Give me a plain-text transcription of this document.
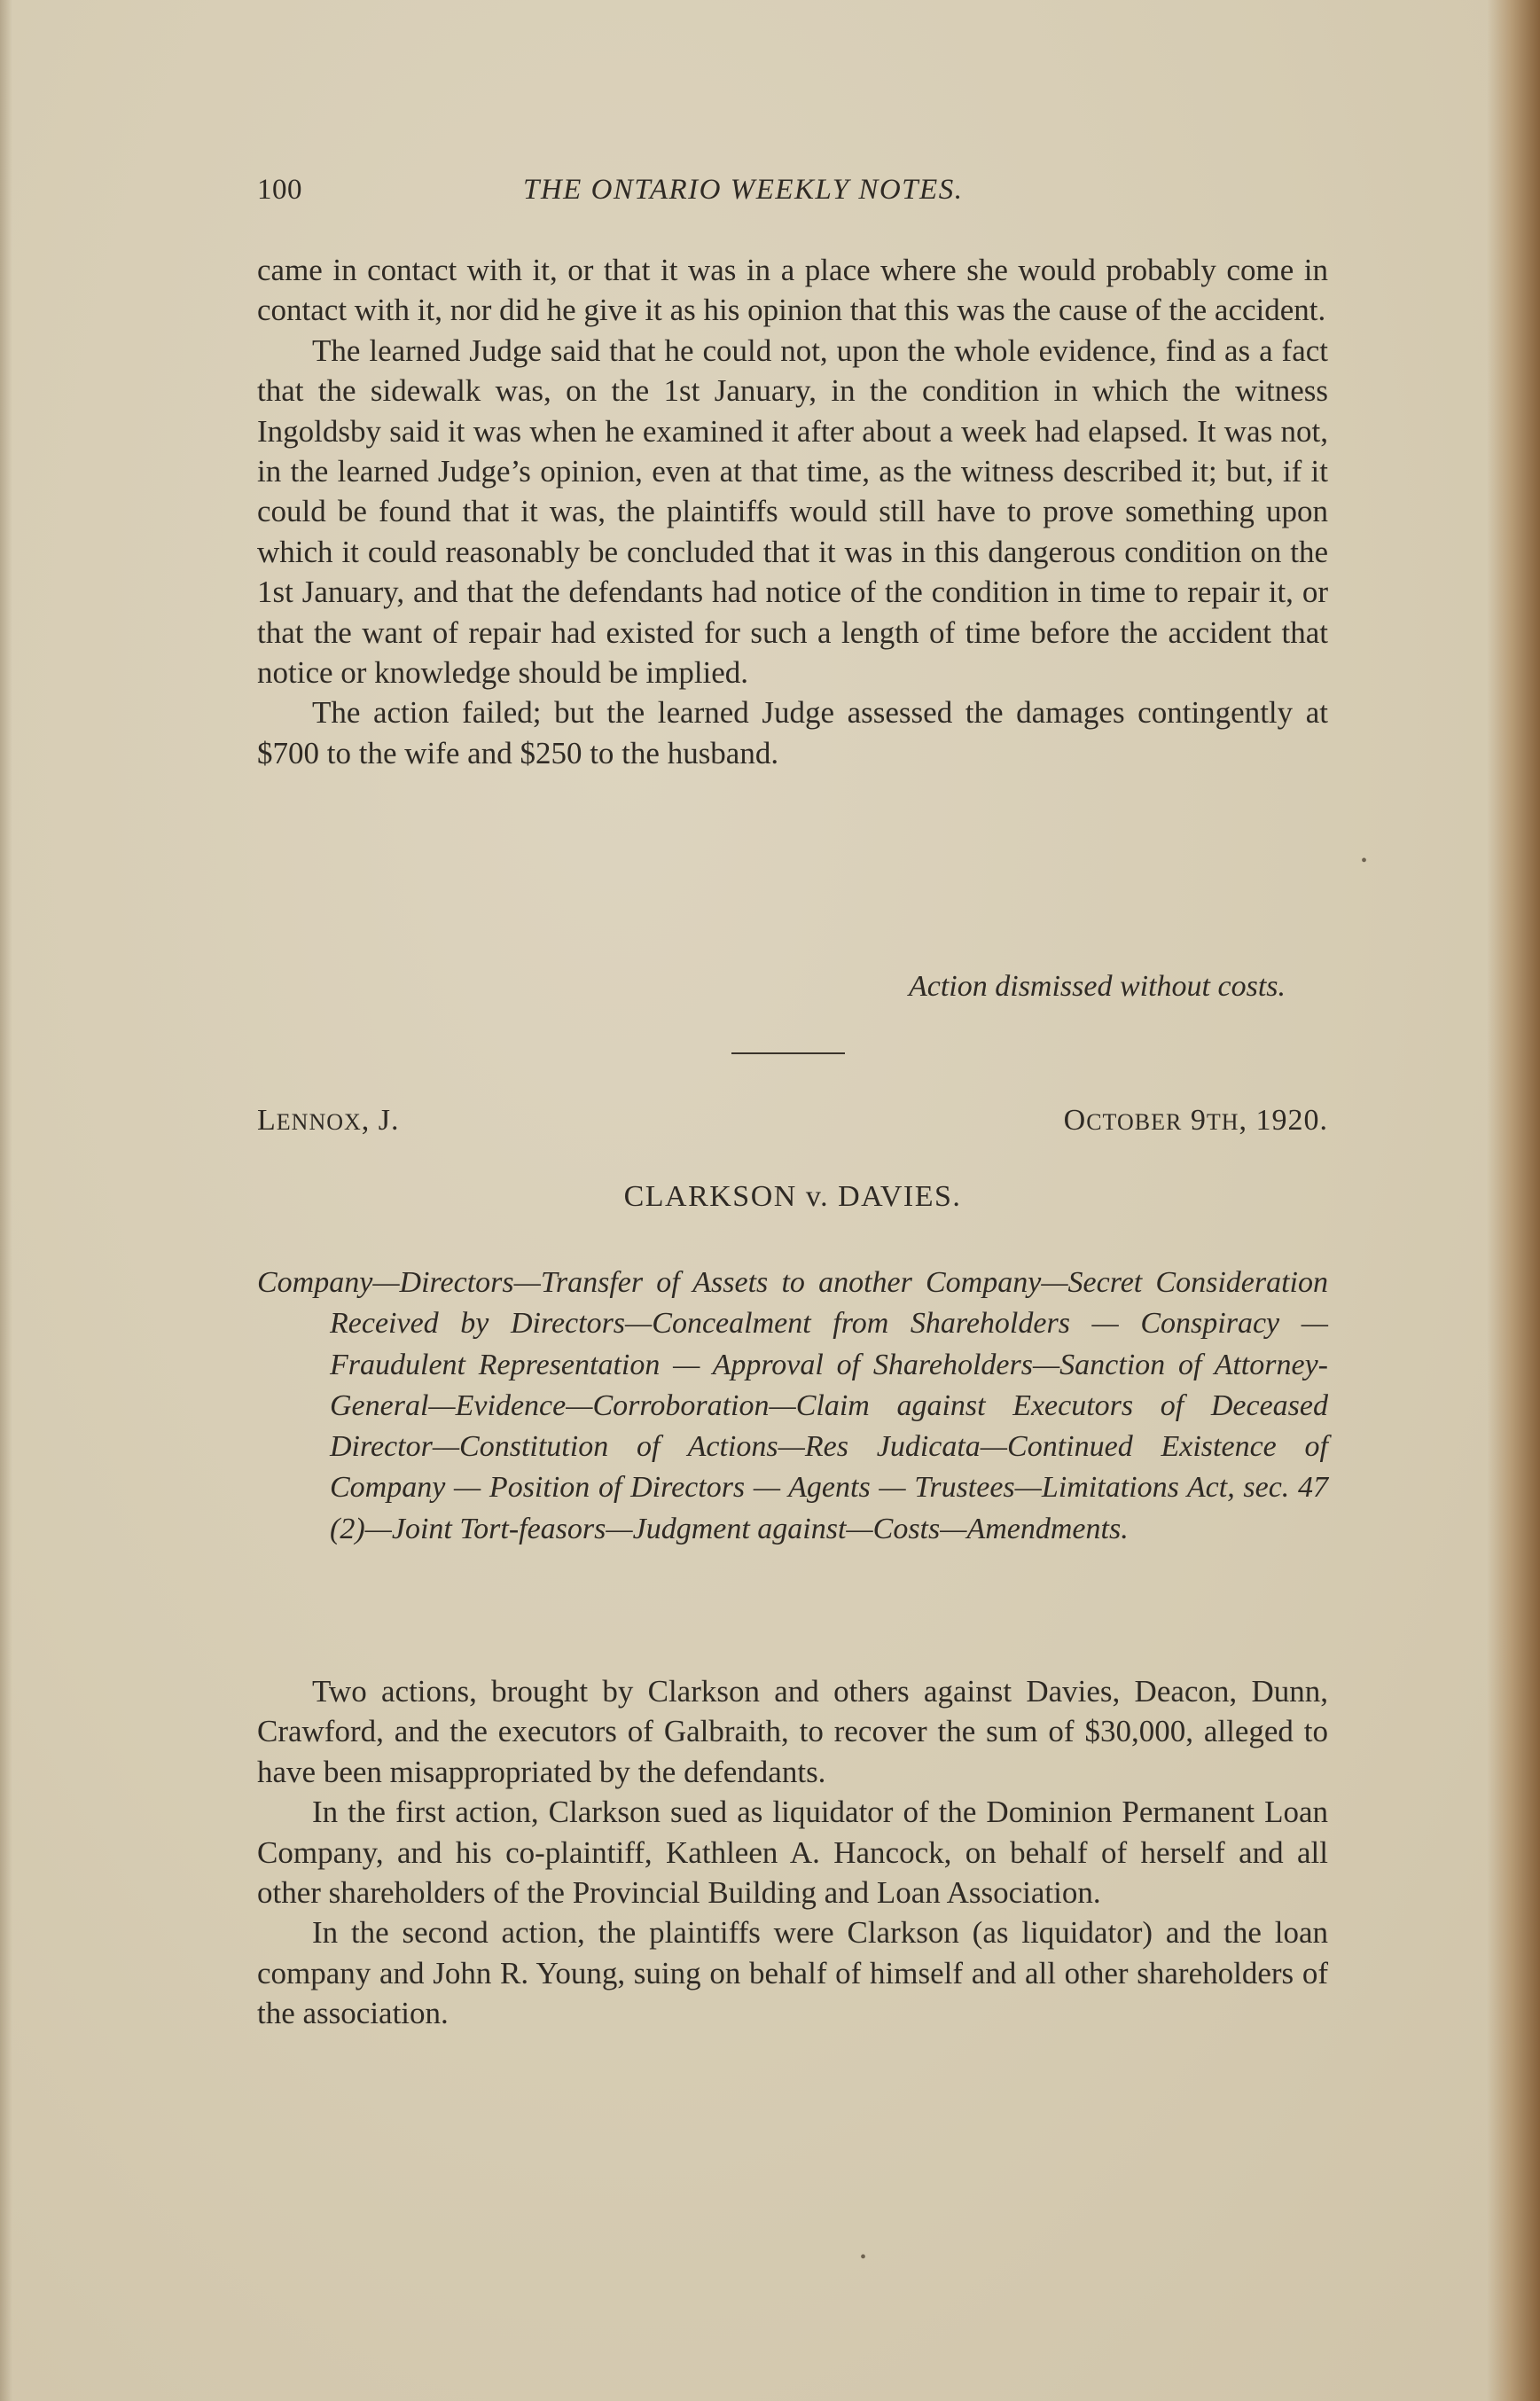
100	THE ONTARIO WEEKLY NOTES.

came in contact with it, or that it was in a place where she would probably come in contact with it, nor did he give it as his opinion that this was the cause of the accident.

The learned Judge said that he could not, upon the whole evidence, find as a fact that the sidewalk was, on the 1st January, in the condition in which the witness Ingoldsby said it was when he examined it after about a week had elapsed. It was not, in the learned Judge’s opinion, even at that time, as the witness described it; but, if it could be found that it was, the plaintiffs would still have to prove something upon which it could reasonably be concluded that it was in this dangerous condition on the 1st January, and that the defendants had notice of the condition in time to repair it, or that the want of repair had existed for such a length of time before the accident that notice or knowledge should be implied.

The action failed; but the learned Judge assessed the damages contingently at $700 to the wife and $250 to the husband.

Action dismissed without costs.
LENNOX, J.	OCTOBER 9TH, 1920.
CLARKSON v. DAVIES.
Company—Directors—Transfer of Assets to another Company—Secret Consideration Received by Directors—Concealment from Shareholders — Conspiracy — Fraudulent Representation — Approval of Shareholders—Sanction of Attorney-General—Evidence—Corroboration—Claim against Executors of Deceased Director—Constitution of Actions—Res Judicata—Continued Existence of Company — Position of Directors — Agents — Trustees—Limitations Act, sec. 47 (2)—Joint Tort-feasors—Judgment against—Costs—Amendments.

Two actions, brought by Clarkson and others against Davies, Deacon, Dunn, Crawford, and the executors of Galbraith, to recover the sum of $30,000, alleged to have been misappropriated by the defendants.

In the first action, Clarkson sued as liquidator of the Dominion Permanent Loan Company, and his co-plaintiff, Kathleen A. Hancock, on behalf of herself and all other shareholders of the Provincial Building and Loan Association.

In the second action, the plaintiffs were Clarkson (as liquidator) and the loan company and John R. Young, suing on behalf of himself and all other shareholders of the association.

•
•
